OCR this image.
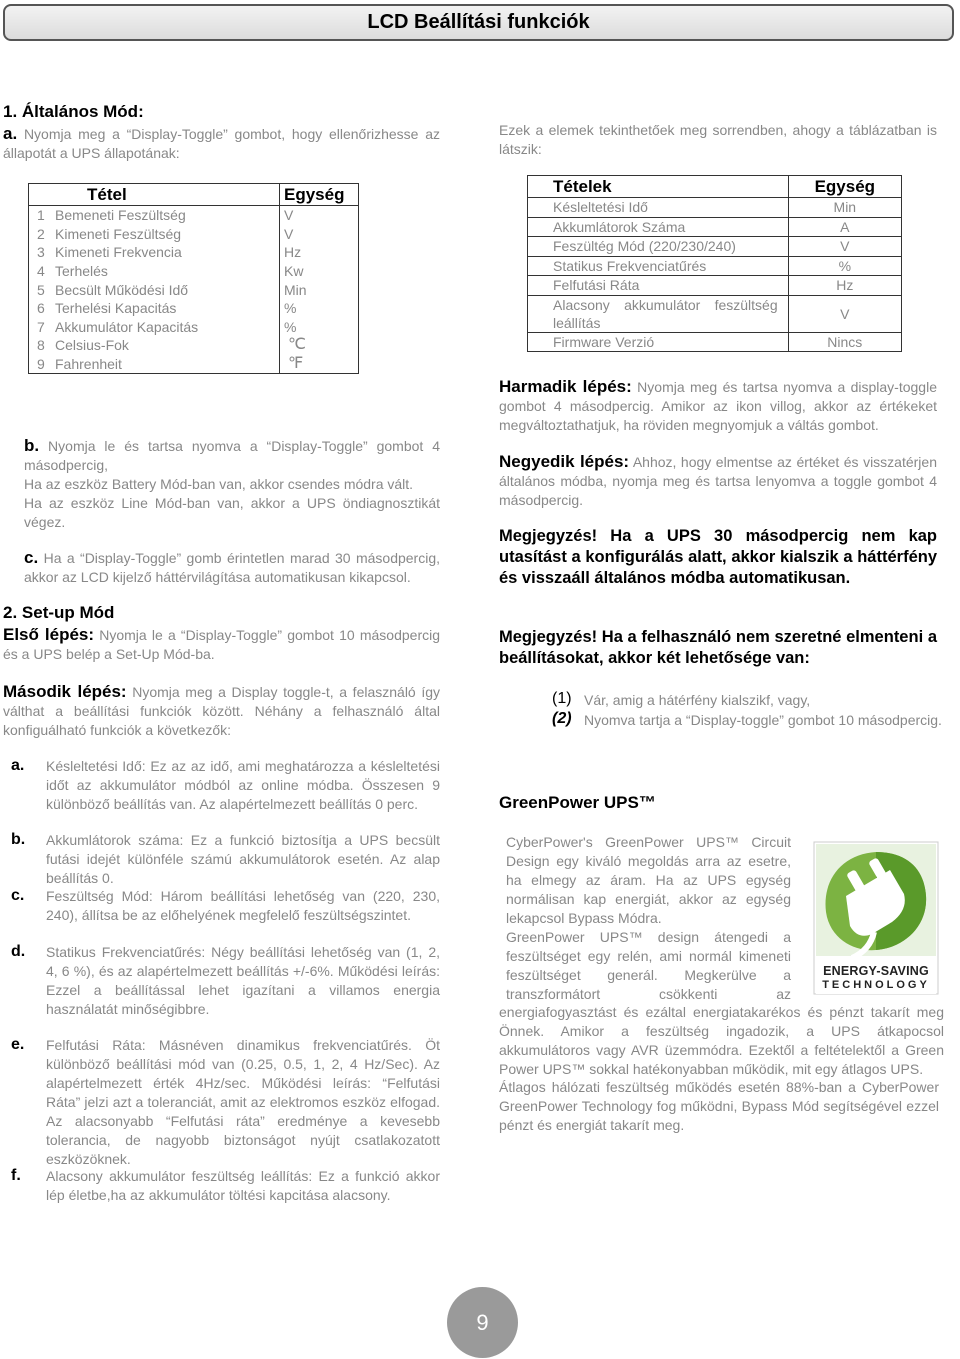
LCD Beállítási funkciók
1. Általános Mód:
a. Nyomja meg a “Display-Toggle” gombot, hogy ellenőrizhesse az állapotát a UPS állapotának:
Tétel		Egység
1	Bemeneti Feszültség	V
2	Kimeneti Feszültség	V
3	Kimeneti Frekvencia	Hz
4	Terhelés	Kw
5	Becsült Működési Idő	Min
6	Terhelési Kapacitás	%
7	Akkumulátor Kapacitás	%
8	Celsius-Fok	℃
9	Fahrenheit	℉
b. Nyomja le és tartsa nyomva a “Display-Toggle” gombot 4 másodpercig,
Ha az eszköz Battery Mód-ban van, akkor csendes módra vált.
Ha az eszköz Line Mód-ban van, akkor a UPS öndiagnosztikát végez.
c. Ha a “Display-Toggle” gomb érintetlen marad 30 másodpercig, akkor az LCD kijelző háttérvilágítása automatikusan kikapcsol.
2. Set-up Mód
Első lépés: Nyomja le a “Display-Toggle” gombot 10 másodpercig és a UPS belép a Set-Up Mód-ba.
Második lépés: Nyomja meg a Display toggle-t, a felasználó így válthat a beállítási funkciók között. Néhány a felhasználó által konfiguálható funkciók a következők:
a. Késleltetési Idő: Ez az az idő, ami meghatározza a késleltetési időt az akkumulátor módból az online módba. Összesen 9 különböző beállítás van. Az alapértelmezett beállítás 0 perc.
b. Akkumlátorok száma: Ez a funkció biztosítja a UPS becsült futási idejét különféle számú akkumulátorok esetén. Az alap beállítás 0.
c. Feszültség Mód: Három beállítási lehetőség van (220, 230, 240), állítsa be az előhelyének megfelelő feszültségszintet.
d. Statikus Frekvenciatűrés: Négy beállítási lehetőség van (1, 2, 4, 6 %), és az alapértelmezett beállítás +/-6%. Működési leírás: Ezzel a beállítással lehet igazítani a villamos energia használatát minőségibbre.
e. Felfutási Ráta: Másnéven dinamikus frekvenciatűrés. Öt különböző beállítási mód van (0.25, 0.5, 1, 2, 4 Hz/Sec). Az alapértelmezett érték 4Hz/sec. Működési leírás: “Felfutási Ráta” jelzi azt a toleranciát, amit az elektromos eszköz elfogad. Az alacsonyabb “Felfutási ráta” eredménye a kevesebb tolerancia, de nagyobb biztonságot nyújt csatlakozatott eszközöknek.
f. Alacsony akkumulátor feszültség leállítás: Ez a funkció akkor lép életbe,ha az akkumulátor töltési kapcitása alacsony.
Ezek a elemek tekinthetőek meg sorrendben, ahogy a táblázatban is látszik:
Tételek	Egység
Késleltetési Idő	Min
Akkumlátorok Száma	A
Feszültég Mód (220/230/240)	V
Statikus Frekvenciatűrés	%
Felfutási Ráta	Hz
Alacsony akkumulátor feszültség leállítás	V
Firmware Verzió	Nincs
Harmadik lépés: Nyomja meg és tartsa nyomva a display-toggle gombot 4 másodpercig. Amikor az ikon villog, akkor az értékeket megváltoztathatjuk, ha röviden megnyomjuk a váltás gombot.
Negyedik lépés: Ahhoz, hogy elmentse az értéket és visszatérjen általános módba, nyomja meg és tartsa lenyomva a toggle gombot 4 másodpercig.
Megjegyzés! Ha a UPS 30 másodpercig nem kap utasítást a konfigurálás alatt, akkor kialszik a háttérfény és visszaáll általános módba automatikusan.
Megjegyzés! Ha a felhasználó nem szeretné elmenteni a beállításokat, akkor két lehetősége van:
(1) Vár, amig a hátérfény kialszikf, vagy,
(2) Nyomva tartja a “Display-toggle” gombot 10 másodpercig.
GreenPower UPS™
CyberPower's GreenPower UPS™ Circuit Design egy kiváló megoldás arra az esetre, ha elmegy az áram. Ha az UPS egység normálisan kap energiát, akkor az egység lekapcsol Bypass Módra.
GreenPower UPS™ design átengedi a feszültséget egy relén, ami normál kimeneti feszültséget generál. Megkerülve a transzformátort csökkenti az
energiafogyasztást és ezáltal energiatakarékos és pénzt takarít meg Önnek. Amikor a feszültség ingadozik, a UPS átkapocsol akkumulátoros vagy AVR üzemmódra. Ezektől a feltételektől a Green Power UPS™ sokkal hatékonyabban működik, mit egy átlagos UPS.
Átlagos hálózati feszültség működés esetén 88%-ban a CyberPower GreenPower Technology fog működni, Bypass Mód segítségével ezzel pénzt és energiát takarít meg.
ENERGY-SAVING
TECHNOLOGY
9
